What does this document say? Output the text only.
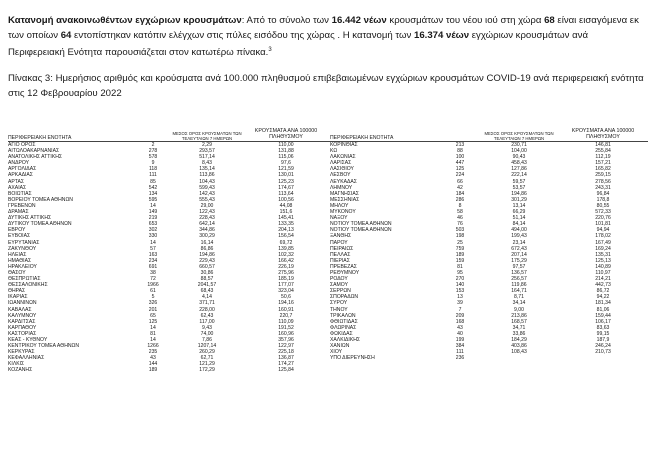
Κατανομή ανακοινωθέντων εγχώριων κρουσμάτων: Από το σύνολο των 16.442 νέων κρουσμάτων του νέου ιού στη χώρα 68 είναι εισαγόμενα εκ των οποίων 64 εντοπίστηκαν κατόπιν ελέγχων στις πύλες εισόδου της χώρας . Η κατανομή των 16.374 νέων εγχώριων κρουσμάτων ανά Περιφερειακή Ενότητα παρουσιάζεται στον κατωτέρω πίνακα.$^3$
Πίνακας 3: Ημερήσιος αριθμός και κρούσματα ανά 100.000 πληθυσμού επιβεβαιωμένων εγχώριων κρουσμάτων COVID-19 ανά περιφερειακή ενότητα στις 12 Φεβρουαρίου 2022
ΠΕΡΙΦΕΡΕΙΑΚΗ ΕΝΟΤΗΤΑ		ΜΕΣΟΣ ΟΡΟΣ ΚΡΟΥΣΜΑΤΩΝ ΤΩΝ ΤΕΛΕΥΤΑΙΩΝ 7 ΗΜΕΡΩΝ	ΚΡΟΥΣΜΑΤΑ ΑΝΑ 100000 ΠΛΗΘΥΣΜΟΥ
ΑΓΙΟ ΟΡΟΣ	2	2,29	110,00
ΑΙΤΩΛΟΑΚΑΡΝΑΝΙΑΣ	278	293,57	131,88
ΑΝΑΤΟΛΙΚΗΣ ΑΤΤΙΚΗΣ	578	517,14	115,06
ΑΝΔΡΟΥ	9	8,43	97,6
ΑΡΓΟΛΙΔΑΣ	118	135,14	121,59
ΑΡΚΑΔΙΑΣ	111	113,86	130,01
ΑΡΤΑΣ	85	104,43	125,23
ΑΧΑΪΑΣ	542	599,43	174,67
ΒΟΙΩΤΙΑΣ	134	142,43	113,64
ΒΟΡΕΙΟΥ ΤΟΜΕΑ ΑΘΗΝΩΝ	595	555,43	100,56
ΓΡΕΒΕΝΩΝ	14	29,00	44,08
ΔΡΑΜΑΣ	149	122,43	151,6
ΔΥΤΙΚΗΣ ΑΤΤΙΚΗΣ	219	228,43	145,41
ΔΥΤΙΚΟΥ ΤΟΜΕΑ ΑΘΗΝΩΝ	653	642,14	133,35
ΕΒΡΟΥ	302	344,86	204,13
ΕΥΒΟΙΑΣ	330	300,29	156,54
ΕΥΡΥΤΑΝΙΑΣ	14	16,14	69,72
ΖΑΚΥΝΘΟΥ	57	86,86	139,85
ΗΛΕΙΑΣ	163	194,86	102,32
ΗΜΑΘΙΑΣ	234	229,43	166,42
ΗΡΑΚΛΕΙΟΥ	691	660,57	226,19
ΘΑΣΟΥ	38	30,86	275,96
ΘΕΣΠΡΩΤΙΑΣ	72	88,57	185,19
ΘΕΣΣΑΛΟΝΙΚΗΣ	1966	2041,57	177,07
ΘΗΡΑΣ	61	68,43	323,04
ΙΚΑΡΙΑΣ	5	4,14	50,6
ΙΩΑΝΝΙΝΩΝ	326	371,71	194,16
ΚΑΒΑΛΑΣ	201	228,00	160,91
ΚΑΛΥΜΝΟΥ	65	62,43	220,7
ΚΑΡΔΙΤΣΑΣ	125	117,00	110,09
ΚΑΡΠΑΘΟΥ	14	9,43	191,52
ΚΑΣΤΟΡΙΑΣ	81	74,00	160,96
ΚΕΑΣ - ΚΥΘΝΟΥ	14	7,86	357,96
ΚΕΝΤΡΙΚΟΥ ΤΟΜΕΑ ΑΘΗΝΩΝ	1266	1207,14	122,97
ΚΕΡΚΥΡΑΣ	235	260,29	225,18
ΚΕΦΑΛΛΗΝΙΑΣ	43	62,71	136,87
ΚΙΛΚΙΣ	144	121,29	174,27
ΚΟΖΑΝΗΣ	189	172,29	125,84
ΠΕΡΙΦΕΡΕΙΑΚΗ ΕΝΟΤΗΤΑ		ΜΕΣΟΣ ΟΡΟΣ ΚΡΟΥΣΜΑΤΩΝ ΤΩΝ ΤΕΛΕΥΤΑΙΩΝ 7 ΗΜΕΡΩΝ	ΚΡΟΥΣΜΑΤΑ ΑΝΑ 100000 ΠΛΗΘΥΣΜΟΥ
ΚΟΡΙΝΘΙΑΣ	213	230,71	146,81
ΚΩ	88	104,00	255,84
ΛΑΚΩΝΙΑΣ	100	90,43	112,19
ΛΑΡΙΣΑΣ	447	458,43	157,21
ΛΑΣΙΘΙΟΥ	125	127,86	165,82
ΛΕΣΒΟΥ	224	222,14	259,15
ΛΕΥΚΑΔΑΣ	66	59,57	278,56
ΛΗΜΝΟΥ	42	53,57	243,31
ΜΑΓΝΗΣΙΑΣ	184	194,86	96,84
ΜΕΣΣΗΝΙΑΣ	286	301,29	178,8
ΜΗΛΟΥ	8	13,14	80,55
ΜΥΚΟΝΟΥ	58	66,29	572,33
ΝΑΞΟΥ	46	51,14	220,76
ΝΟΤΙΟΥ ΤΟΜΕΑ ΑΘΗΝΩΝ	76	84,14	101,81
ΝΟΤΙΟΥ ΤΟΜΕΑ ΑΘΗΝΩΝ	503	494,00	94,94
ΞΑΝΘΗΣ	198	199,43	178,02
ΠΑΡΟΥ	25	23,14	167,49
ΠΕΙΡΑΙΩΣ	759	672,43	169,24
ΠΕΛΛΑΣ	189	207,14	135,31
ΠΙΕΡΙΑΣ	159	175,29	125,13
ΠΡΕΒΕΖΑΣ	81	97,57	140,89
ΡΕΘΥΜΝΟΥ	95	136,57	110,97
ΡΟΔΟΥ	270	256,57	214,21
ΣΑΜΟΥ	140	119,86	442,73
ΣΕΡΡΩΝ	153	164,71	86,72
ΣΠΟΡΑΔΩΝ	13	8,71	94,22
ΣΥΡΟΥ	39	34,14	181,34
ΤΗΝΟΥ	7	9,00	81,06
ΤΡΙΚΑΛΩΝ	209	213,86	159,44
ΦΘΙΩΤΙΔΑΣ	168	168,57	106,17
ΦΛΩΡΙΝΑΣ	43	34,71	83,63
ΦΩΚΙΔΑΣ	40	33,86	99,15
ΧΑΛΚΙΔΙΚΗΣ	199	184,29	187,9
ΧΑΝΙΩΝ	384	403,86	246,24
ΧΙΟΥ	111	108,43	210,73
ΥΠΟ ΔΙΕΡΕΥΝΗΣΗ	236		
